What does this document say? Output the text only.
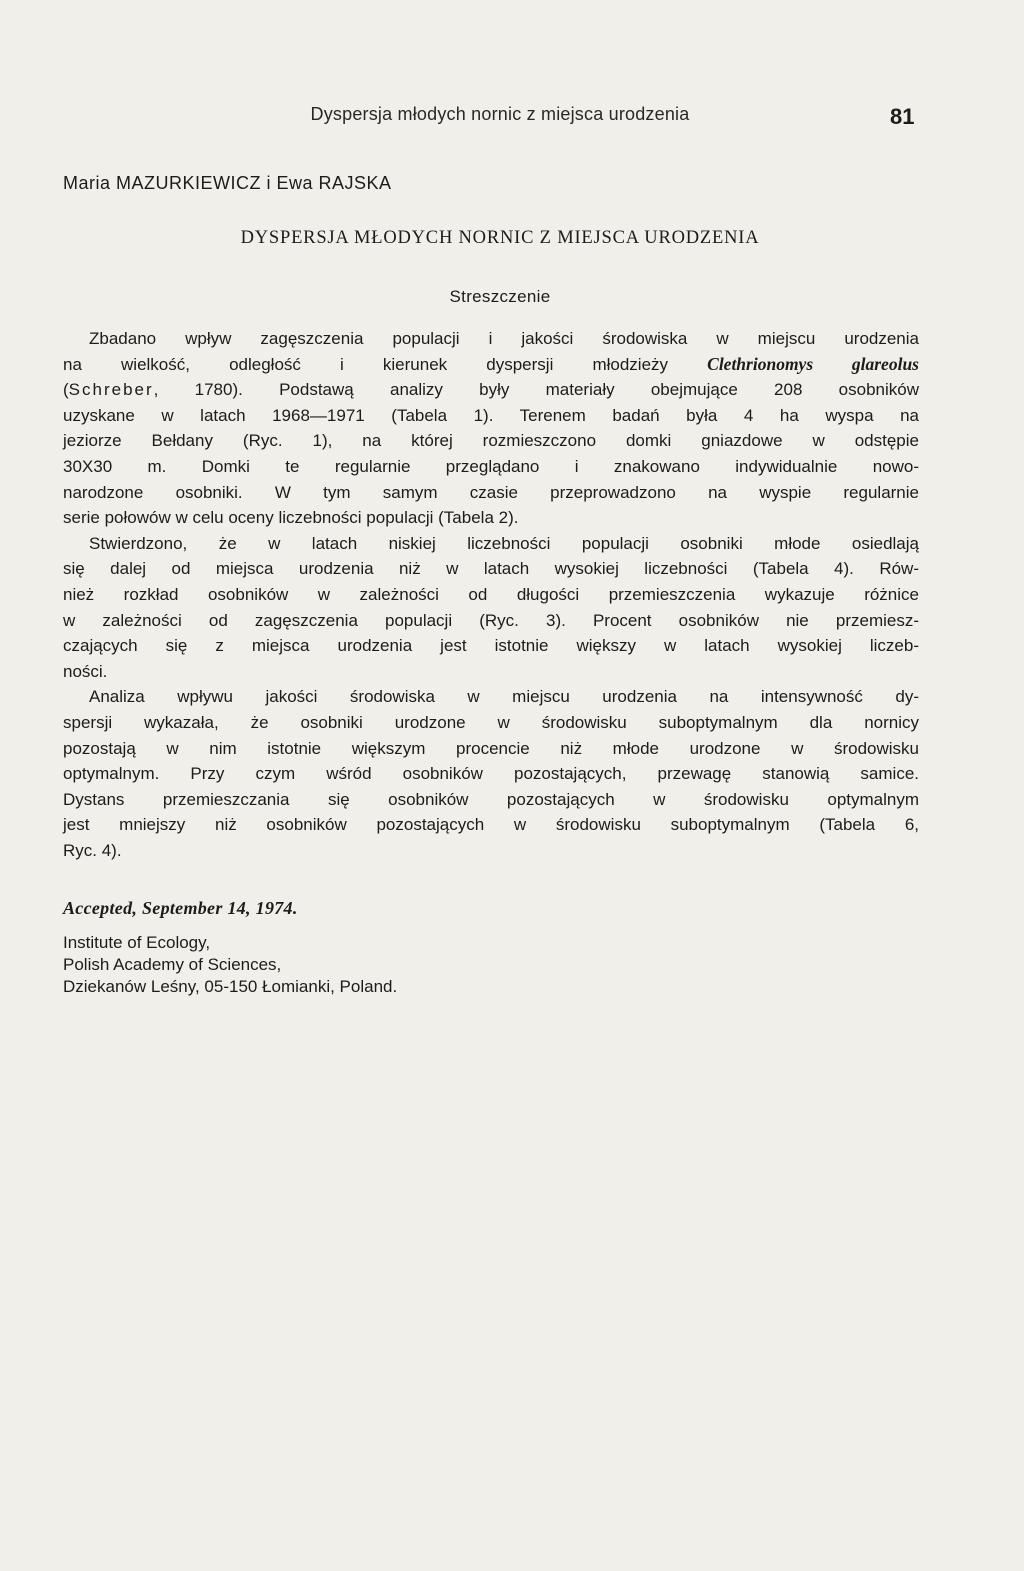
Dyspersja młodych nornic z miejsca urodzenia	81
Maria MAZURKIEWICZ i Ewa RAJSKA
DYSPERSJA MŁODYCH NORNIC Z MIEJSCA URODZENIA
Streszczenie
Zbadano wpływ zagęszczenia populacji i jakości środowiska w miejscu urodzenia
na wielkość, odległość i kierunek dyspersji młodzieży Clethrionomys glareolus
(Schreber, 1780). Podstawą analizy były materiały obejmujące 208 osobników
uzyskane w latach 1968—1971 (Tabela 1). Terenem badań była 4 ha wyspa na
jeziorze Bełdany (Ryc. 1), na której rozmieszczono domki gniazdowe w odstępie
30X30 m. Domki te regularnie przeglądano i znakowano indywidualnie nowo-
narodzone osobniki. W tym samym czasie przeprowadzono na wyspie regularnie
serie połowów w celu oceny liczebności populacji (Tabela 2).
Stwierdzono, że w latach niskiej liczebności populacji osobniki młode osiedlają
się dalej od miejsca urodzenia niż w latach wysokiej liczebności (Tabela 4). Rów-
nież rozkład osobników w zależności od długości przemieszczenia wykazuje różnice
w zależności od zagęszczenia populacji (Ryc. 3). Procent osobników nie przemiesz-
czających się z miejsca urodzenia jest istotnie większy w latach wysokiej liczeb-
ności.
Analiza wpływu jakości środowiska w miejscu urodzenia na intensywność dy-
spersji wykazała, że osobniki urodzone w środowisku suboptymalnym dla nornicy
pozostają w nim istotnie większym procencie niż młode urodzone w środowisku
optymalnym. Przy czym wśród osobników pozostających, przewagę stanowią samice.
Dystans przemieszczania się osobników pozostających w środowisku optymalnym
jest mniejszy niż osobników pozostających w środowisku suboptymalnym (Tabela 6,
Ryc. 4).
Accepted, September 14, 1974.
Institute of Ecology,
Polish Academy of Sciences,
Dziekanów Leśny, 05-150 Łomianki, Poland.
